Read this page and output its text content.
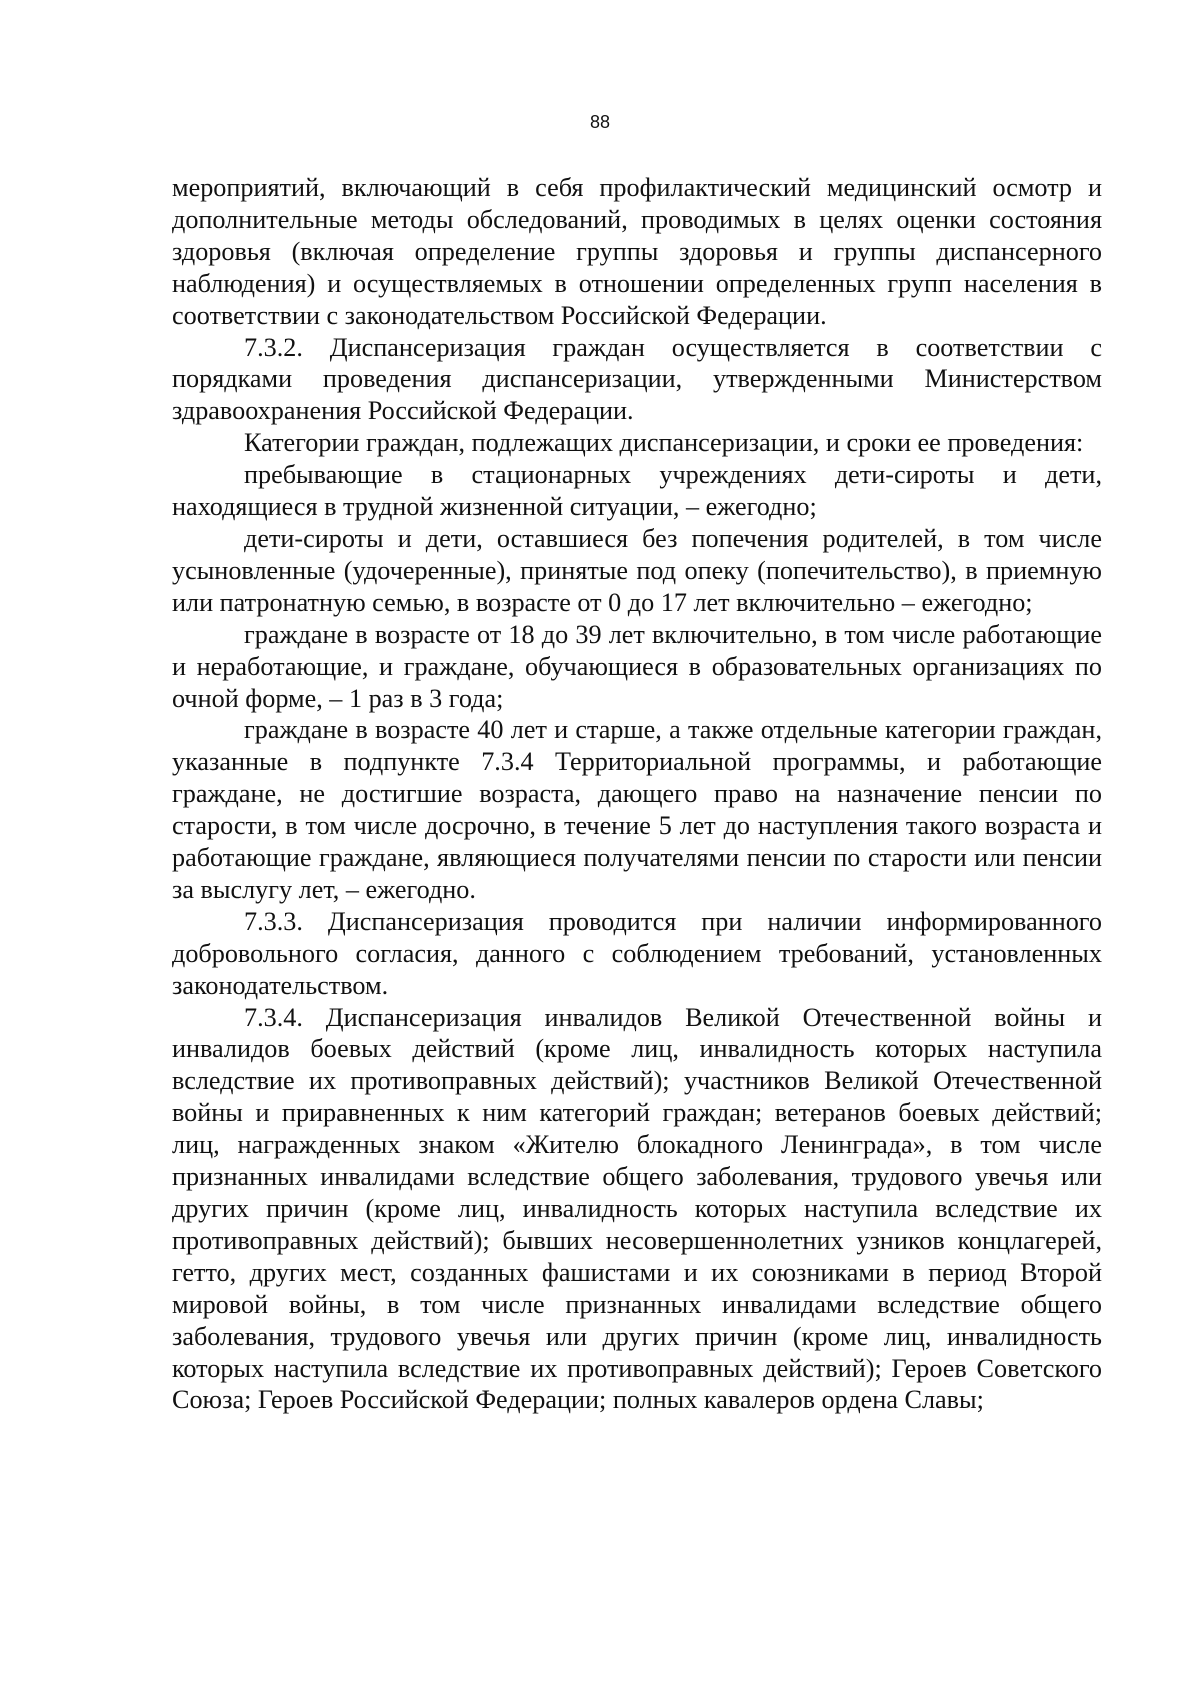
88

мероприятий, включающий в себя профилактический медицинский осмотр и дополнительные методы обследований, проводимых в целях оценки состояния здоровья (включая определение группы здоровья и группы диспансерного наблюдения) и осуществляемых в отношении определенных групп населения в соответствии с законодательством Российской Федерации.

7.3.2. Диспансеризация граждан осуществляется в соответствии с порядками проведения диспансеризации, утвержденными Министерством здравоохранения Российской Федерации.

Категории граждан, подлежащих диспансеризации, и сроки ее проведения:

пребывающие в стационарных учреждениях дети-сироты и дети, находящиеся в трудной жизненной ситуации, – ежегодно;

дети-сироты и дети, оставшиеся без попечения родителей, в том числе усыновленные (удочеренные), принятые под опеку (попечительство), в приемную или патронатную семью, в возрасте от 0 до 17 лет включительно – ежегодно;

граждане в возрасте от 18 до 39 лет включительно, в том числе работающие и неработающие, и граждане, обучающиеся в образовательных организациях по очной форме, – 1 раз в 3 года;

граждане в возрасте 40 лет и старше, а также отдельные категории граждан, указанные в подпункте 7.3.4 Территориальной программы, и работающие граждане, не достигшие возраста, дающего право на назначение пенсии по старости, в том числе досрочно, в течение 5 лет до наступления такого возраста и работающие граждане, являющиеся получателями пенсии по старости или пенсии за выслугу лет, – ежегодно.

7.3.3. Диспансеризация проводится при наличии информированного добровольного согласия, данного с соблюдением требований, установленных законодательством.

7.3.4. Диспансеризация инвалидов Великой Отечественной войны и инвалидов боевых действий (кроме лиц, инвалидность которых наступила вследствие их противоправных действий); участников Великой Отечественной войны и приравненных к ним категорий граждан; ветеранов боевых действий; лиц, награжденных знаком «Жителю блокадного Ленинграда», в том числе признанных инвалидами вследствие общего заболевания, трудового увечья или других причин (кроме лиц, инвалидность которых наступила вследствие их противоправных действий); бывших несовершеннолетних узников концлагерей, гетто, других мест, созданных фашистами и их союзниками в период Второй мировой войны, в том числе признанных инвалидами вследствие общего заболевания, трудового увечья или других причин (кроме лиц, инвалидность которых наступила вследствие их противоправных действий); Героев Советского Союза; Героев Российской Федерации; полных кавалеров ордена Славы;
